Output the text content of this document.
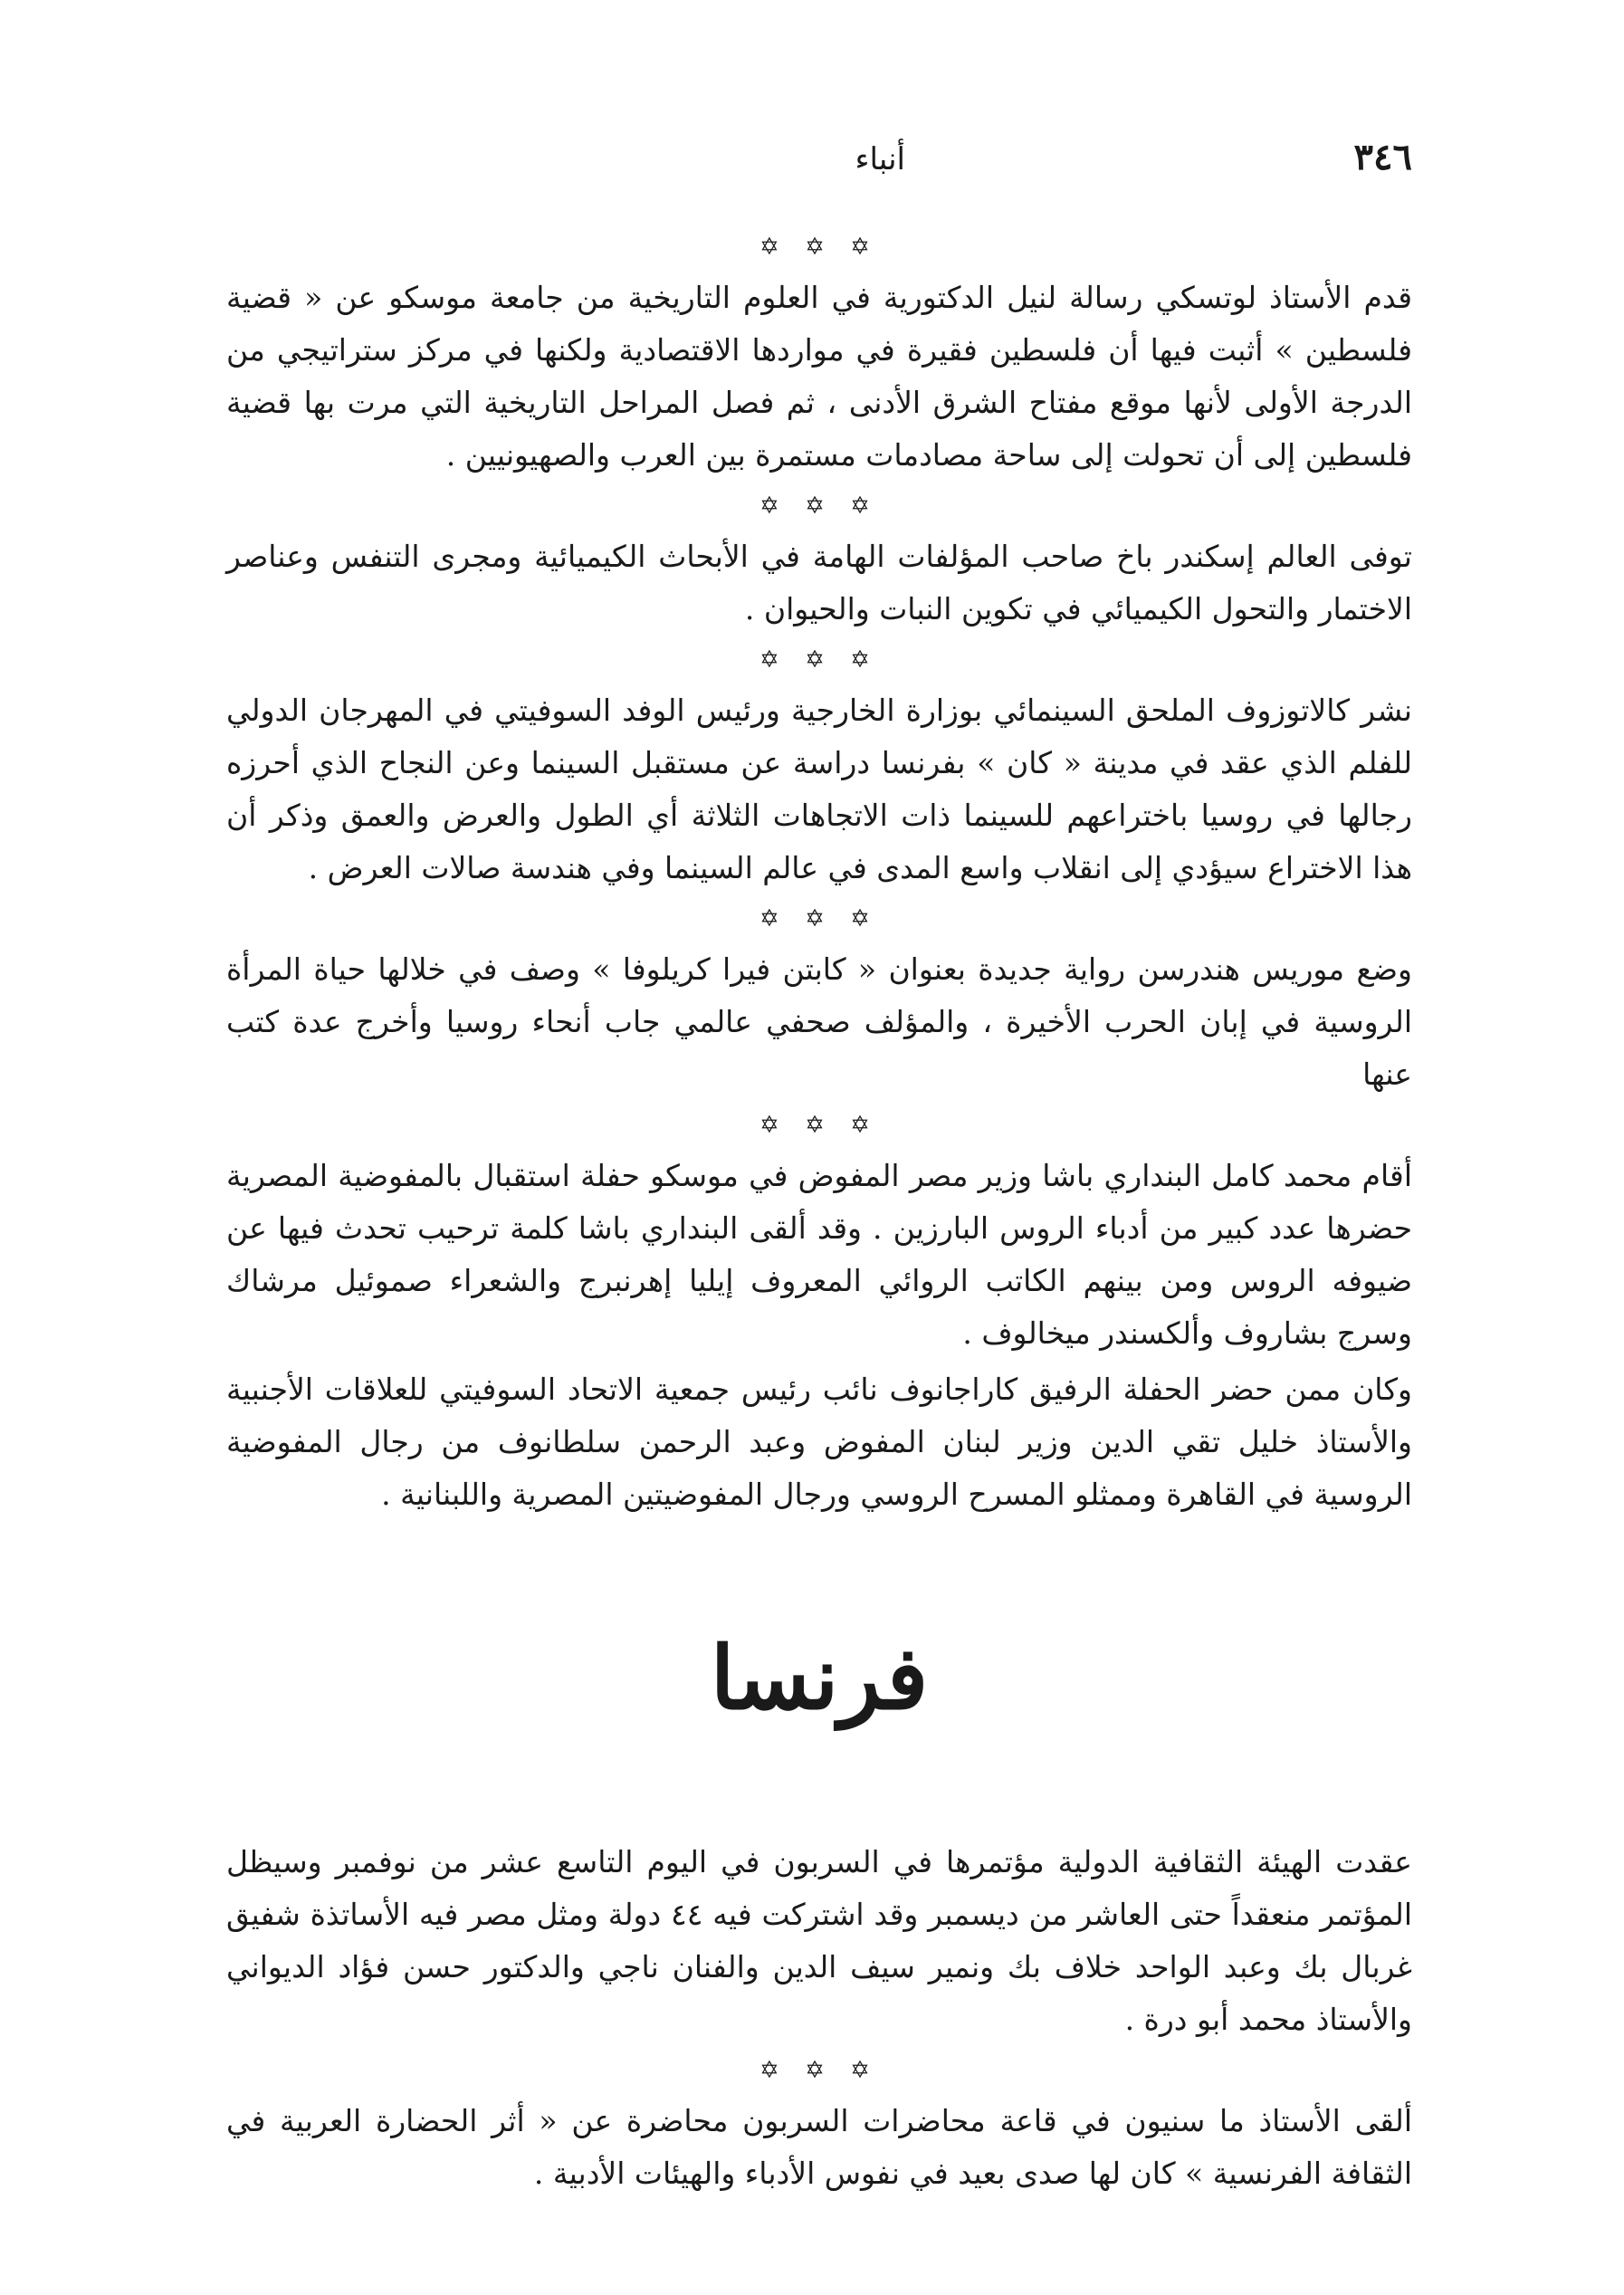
٣٤٦
أنباء
✡ ✡ ✡

قدم الأستاذ لوتسكي رسالة لنيل الدكتورية في العلوم التاريخية من جامعة موسكو عن « قضية فلسطين » أثبت فيها أن فلسطين فقيرة في مواردها الاقتصادية ولكنها في مركز ستراتيجي من الدرجة الأولى لأنها موقع مفتاح الشرق الأدنى ، ثم فصل المراحل التاريخية التي مرت بها قضية فلسطين إلى أن تحولت إلى ساحة مصادمات مستمرة بين العرب والصهيونيين .

✡ ✡ ✡

توفى العالم إسكندر باخ صاحب المؤلفات الهامة في الأبحاث الكيميائية ومجرى التنفس وعناصر الاختمار والتحول الكيميائي في تكوين النبات والحيوان .

✡ ✡ ✡

نشر كالاتوزوف الملحق السينمائي بوزارة الخارجية ورئيس الوفد السوفيتي في المهرجان الدولي للفلم الذي عقد في مدينة « كان » بفرنسا دراسة عن مستقبل السينما وعن النجاح الذي أحرزه رجالها في روسيا باختراعهم للسينما ذات الاتجاهات الثلاثة أي الطول والعرض والعمق وذكر أن هذا الاختراع سيؤدي إلى انقلاب واسع المدى في عالم السينما وفي هندسة صالات العرض .

✡ ✡ ✡

وضع موريس هندرسن رواية جديدة بعنوان « كابتن فيرا كريلوفا » وصف في خلالها حياة المرأة الروسية في إبان الحرب الأخيرة ، والمؤلف صحفي عالمي جاب أنحاء روسيا وأخرج عدة كتب عنها

✡ ✡ ✡

أقام محمد كامل البنداري باشا وزير مصر المفوض في موسكو حفلة استقبال بالمفوضية المصرية حضرها عدد كبير من أدباء الروس البارزين . وقد ألقى البنداري باشا كلمة ترحيب تحدث فيها عن ضيوفه الروس ومن بينهم الكاتب الروائي المعروف إيليا إهرنبرج والشعراء صموئيل مرشاك وسرج بشاروف وألكسندر ميخالوف .

وكان ممن حضر الحفلة الرفيق كاراجانوف نائب رئيس جمعية الاتحاد السوفيتي للعلاقات الأجنبية والأستاذ خليل تقي الدين وزير لبنان المفوض وعبد الرحمن سلطانوف من رجال المفوضية الروسية في القاهرة وممثلو المسرح الروسي ورجال المفوضيتين المصرية واللبنانية .

فرنسا

عقدت الهيئة الثقافية الدولية مؤتمرها في السربون في اليوم التاسع عشر من نوفمبر وسيظل المؤتمر منعقداً حتى العاشر من ديسمبر وقد اشتركت فيه ٤٤ دولة ومثل مصر فيه الأساتذة شفيق غربال بك وعبد الواحد خلاف بك ونمير سيف الدين والفنان ناجي والدكتور حسن فؤاد الديواني والأستاذ محمد أبو درة .

✡ ✡ ✡

ألقى الأستاذ ما سنيون في قاعة محاضرات السربون محاضرة عن « أثر الحضارة العربية في الثقافة الفرنسية » كان لها صدى بعيد في نفوس الأدباء والهيئات الأدبية .
